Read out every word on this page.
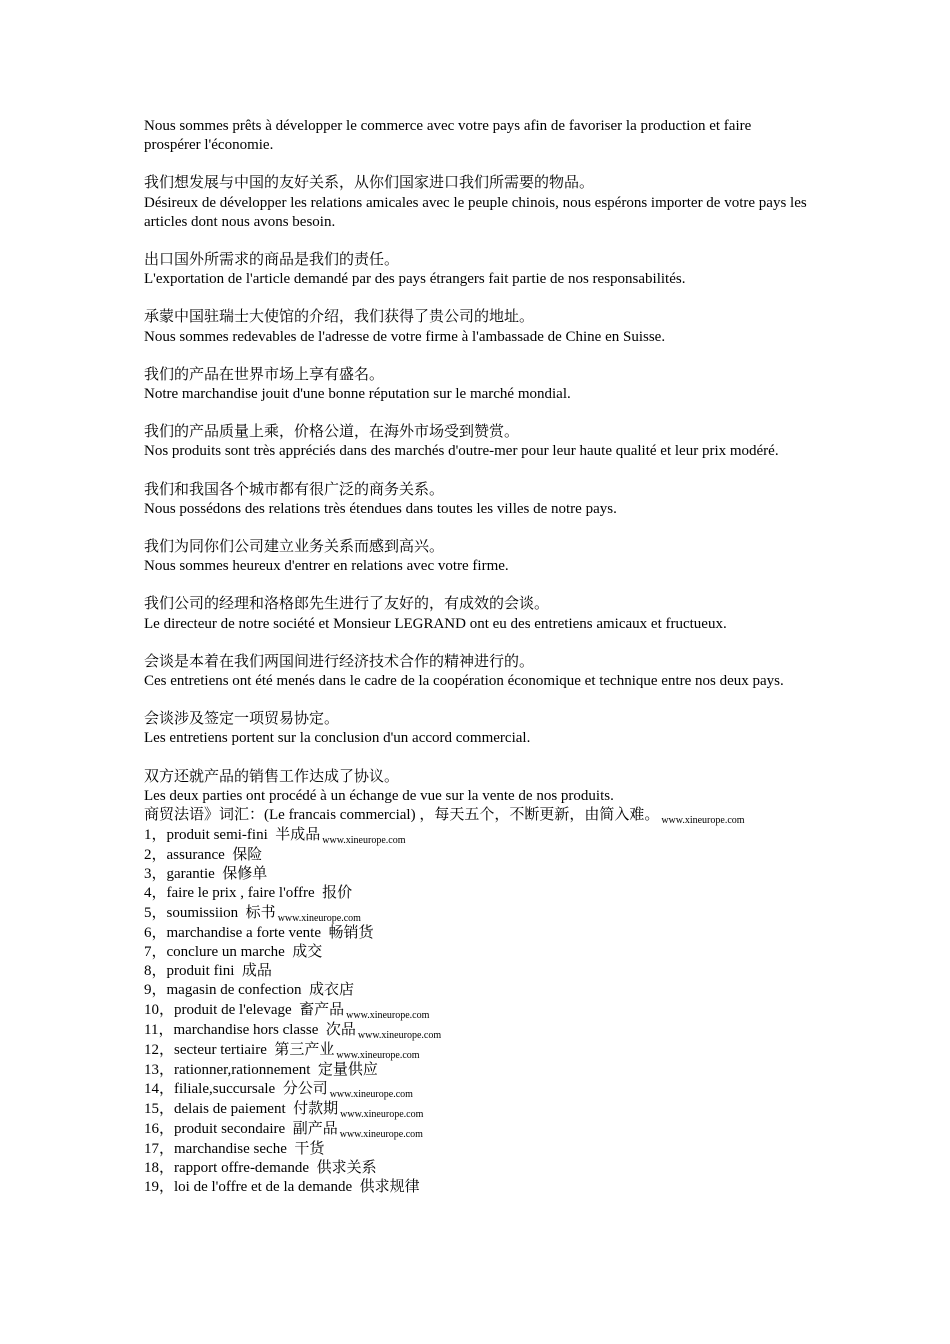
Nous sommes prêts à développer le commerce avec votre pays afin de favoriser la production et faire prospérer l'économie.
我们想发展与中国的友好关系，从你们国家进口我们所需要的物品。
Désireux de développer les relations amicales avec le peuple chinois, nous espérons importer de votre pays les articles dont nous avons besoin.
出口国外所需求的商品是我们的责任。
L'exportation de l'article demandé par des pays étrangers fait partie de nos responsabilités.
承蒙中国驻瑞士大使馆的介绍，我们获得了贵公司的地址。
Nous sommes redevables de l'adresse de votre firme à l'ambassade de Chine en Suisse.
我们的产品在世界市场上享有盛名。
Notre marchandise jouit d'une bonne réputation sur le marché mondial.
我们的产品质量上乘，价格公道，在海外市场受到赞赏。
Nos produits sont très appréciés dans des marchés d'outre-mer pour leur haute qualité et leur prix modéré.
我们和我国各个城市都有很广泛的商务关系。
Nous possédons des relations très étendues dans toutes les villes de notre pays.
我们为同你们公司建立业务关系而感到高兴。
Nous sommes heureux d'entrer en relations avec votre firme.
我们公司的经理和洛格郎先生进行了友好的，有成效的会谈。
Le directeur de notre société et Monsieur LEGRAND ont eu des entretiens amicaux et fructueux.
会谈是本着在我们两国间进行经济技术合作的精神进行的。
Ces entretiens ont été menés dans le cadre de la coopération économique et technique entre nos deux pays.
会谈涉及签定一项贸易协定。
Les entretiens portent sur la conclusion d'un accord commercial.
双方还就产品的销售工作达成了协议。
Les deux parties ont procédé à un échange de vue sur la vente de nos produits.
商贸法语》词汇：(Le francais commercial) ，每天五个，不断更新，由简入难。 $_{www.xineurope.com}$
1，produit semi-fini  半成品 $_{www.xineurope.com}$
2，assurance  保险
3，garantie  保修单
4，faire le prix , faire l'offre  报价
5，soumissiion  标书 $_{www.xineurope.com}$
6，marchandise a forte vente  畅销货
7，conclure un marche  成交
8，produit fini  成品
9，magasin de confection  成衣店
10，produit de l'elevage  畜产品 $_{www.xineurope.com}$
11，marchandise hors classe  次品 $_{www.xineurope.com}$
12，secteur tertiaire  第三产业 $_{www.xineurope.com}$
13，rationner,rationnement  定量供应
14，filiale,succursale  分公司 $_{www.xineurope.com}$
15，delais de paiement  付款期 $_{www.xineurope.com}$
16，produit secondaire  副产品 $_{www.xineurope.com}$
17，marchandise seche  干货
18，rapport offre-demande  供求关系
19，loi de l'offre et de la demande  供求规律
